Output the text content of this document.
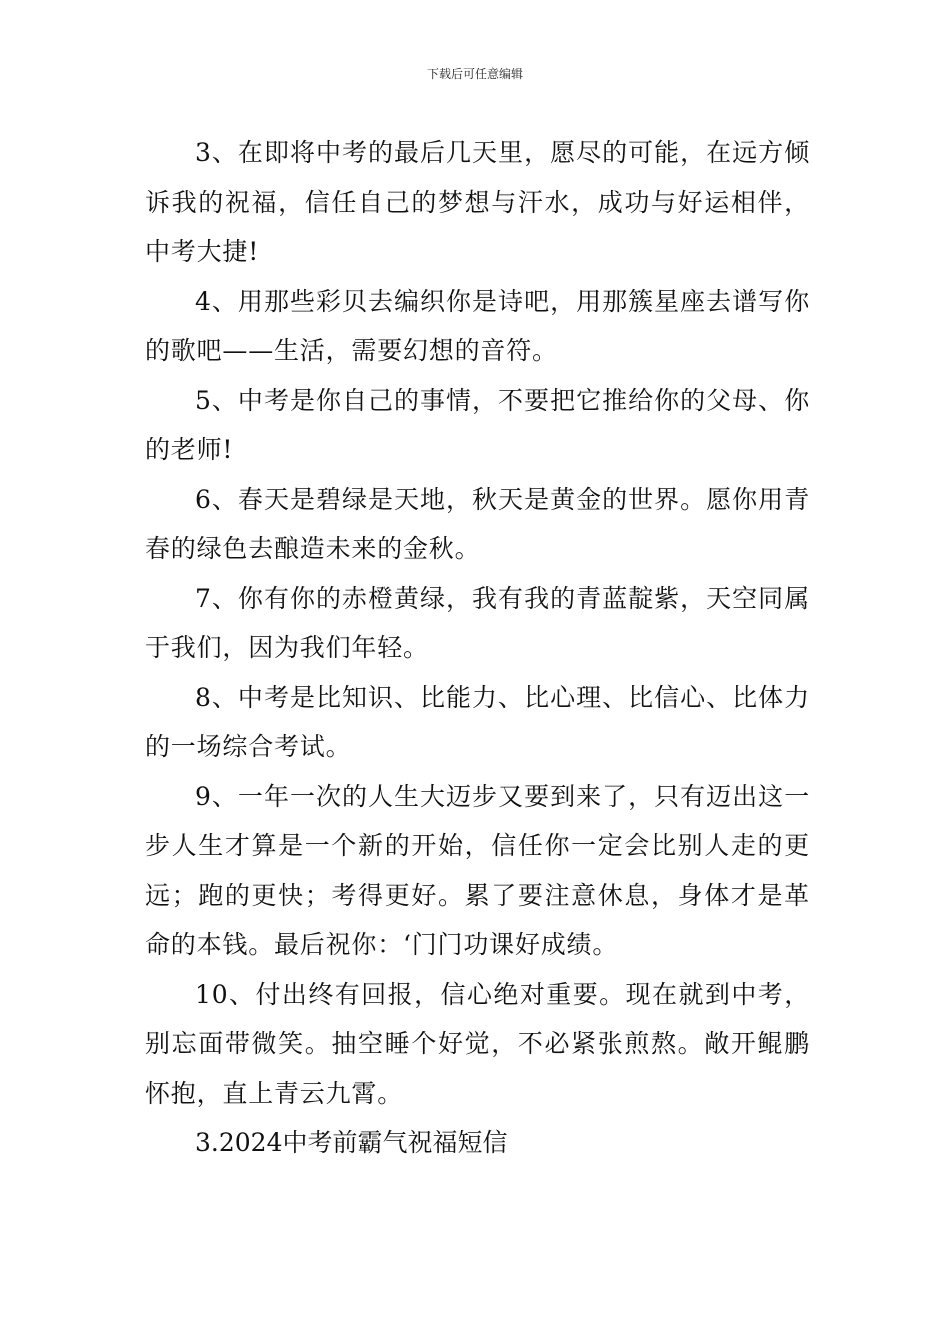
下载后可任意编辑

3、在即将中考的最后几天里，愿尽的可能，在远方倾诉我的祝福，信任自己的梦想与汗水，成功与好运相伴，中考大捷!

4、用那些彩贝去编织你是诗吧，用那簇星座去谱写你的歌吧——生活，需要幻想的音符。

5、中考是你自己的事情，不要把它推给你的父母、你的老师!

6、春天是碧绿是天地，秋天是黄金的世界。愿你用青春的绿色去酿造未来的金秋。

7、你有你的赤橙黄绿，我有我的青蓝靛紫，天空同属于我们，因为我们年轻。

8、中考是比知识、比能力、比心理、比信心、比体力的一场综合考试。

9、一年一次的人生大迈步又要到来了，只有迈出这一步人生才算是一个新的开始，信任你一定会比别人走的更远；跑的更快；考得更好。累了要注意休息，身体才是革命的本钱。最后祝你：‘门门功课好成绩。

10、付出终有回报，信心绝对重要。现在就到中考，别忘面带微笑。抽空睡个好觉，不必紧张煎熬。敞开鲲鹏怀抱，直上青云九霄。

3.2024中考前霸气祝福短信
